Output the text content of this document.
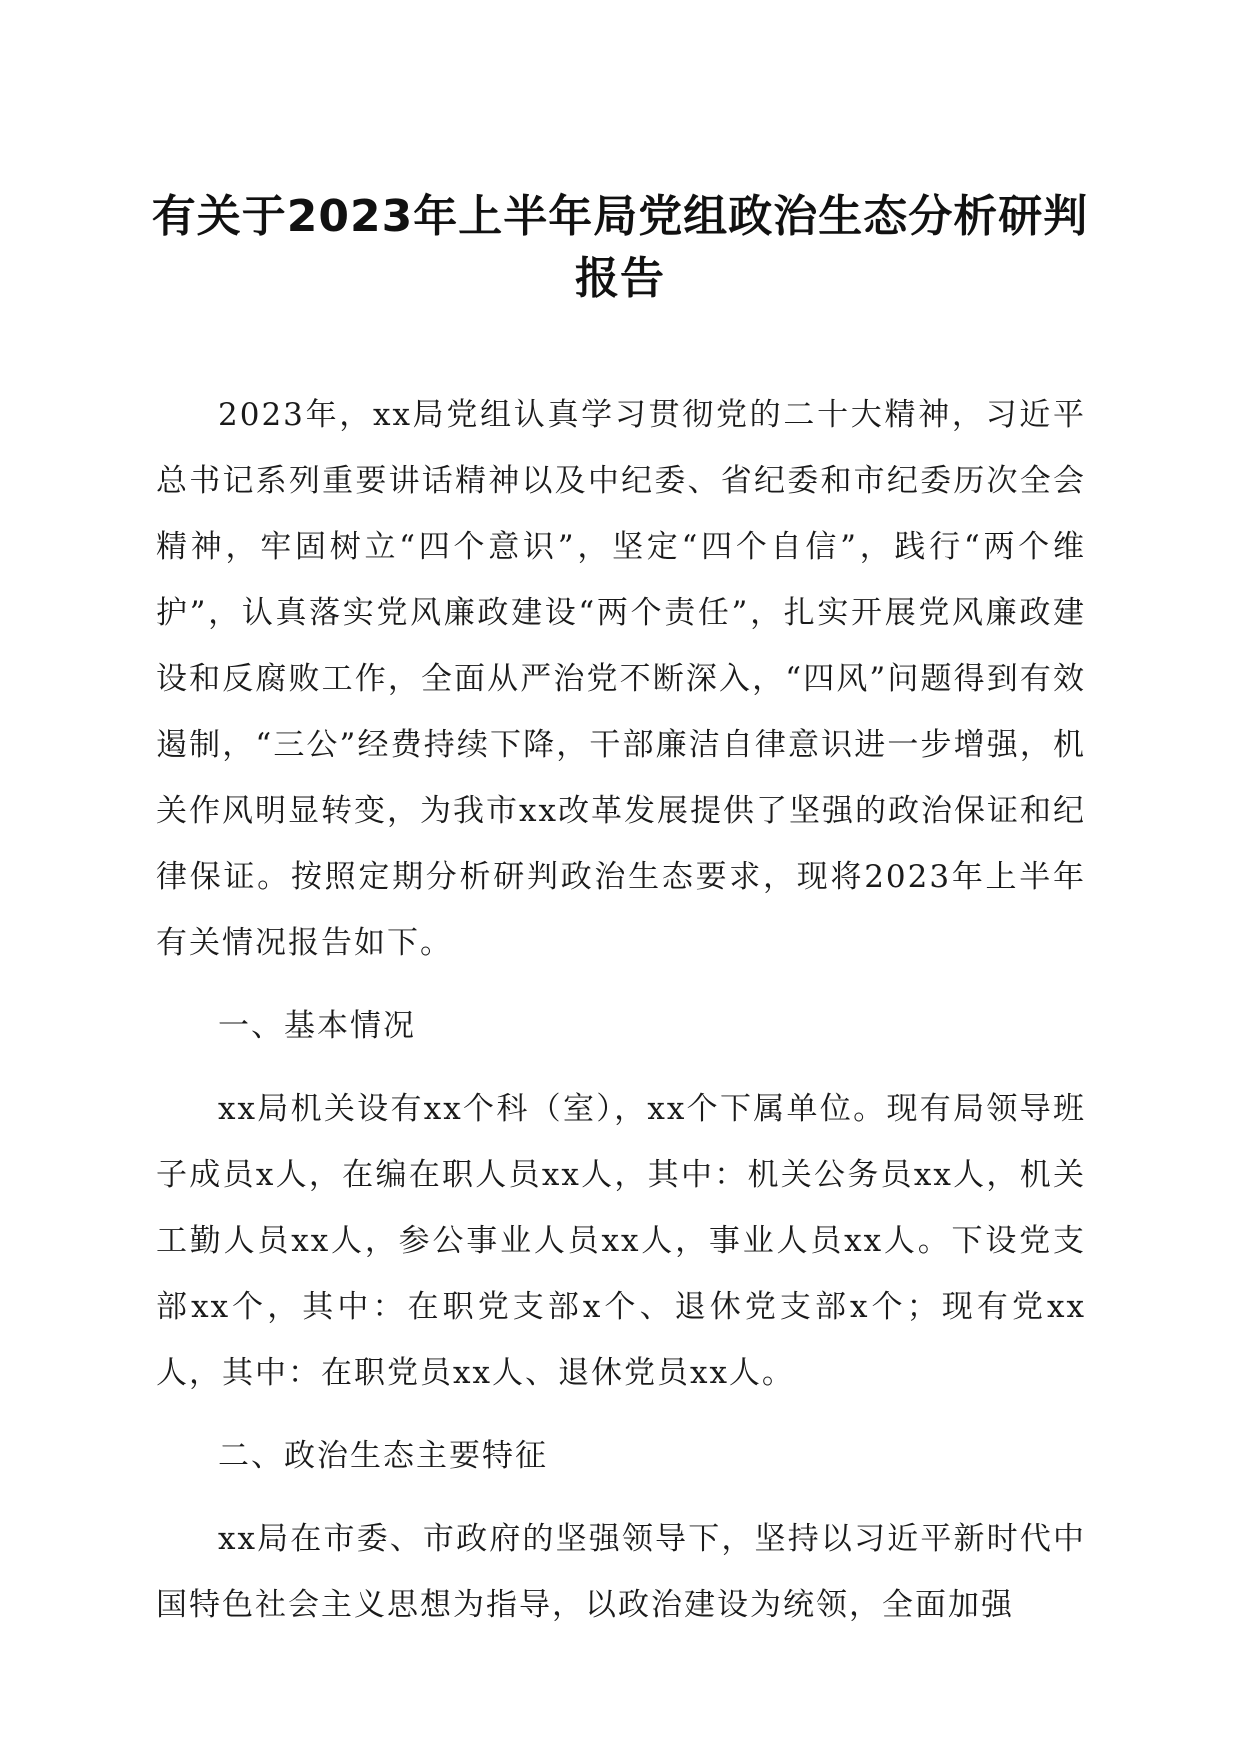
有关于2023年上半年局党组政治生态分析研判报告

2023年，xx局党组认真学习贯彻党的二十大精神，习近平总书记系列重要讲话精神以及中纪委、省纪委和市纪委历次全会精神，牢固树立“四个意识”，坚定“四个自信”，践行“两个维护”，认真落实党风廉政建设“两个责任”，扎实开展党风廉政建设和反腐败工作，全面从严治党不断深入，“四风”问题得到有效遏制，“三公”经费持续下降，干部廉洁自律意识进一步增强，机关作风明显转变，为我市xx改革发展提供了坚强的政治保证和纪律保证。按照定期分析研判政治生态要求，现将2023年上半年有关情况报告如下。

一、基本情况

xx局机关设有xx个科（室），xx个下属单位。现有局领导班子成员x人，在编在职人员xx人，其中：机关公务员xx人，机关工勤人员xx人，参公事业人员xx人，事业人员xx人。下设党支部xx个，其中：在职党支部x个、退休党支部x个；现有党xx人，其中：在职党员xx人、退休党员xx人。

二、政治生态主要特征

xx局在市委、市政府的坚强领导下，坚持以习近平新时代中国特色社会主义思想为指导，以政治建设为统领，全面加强
